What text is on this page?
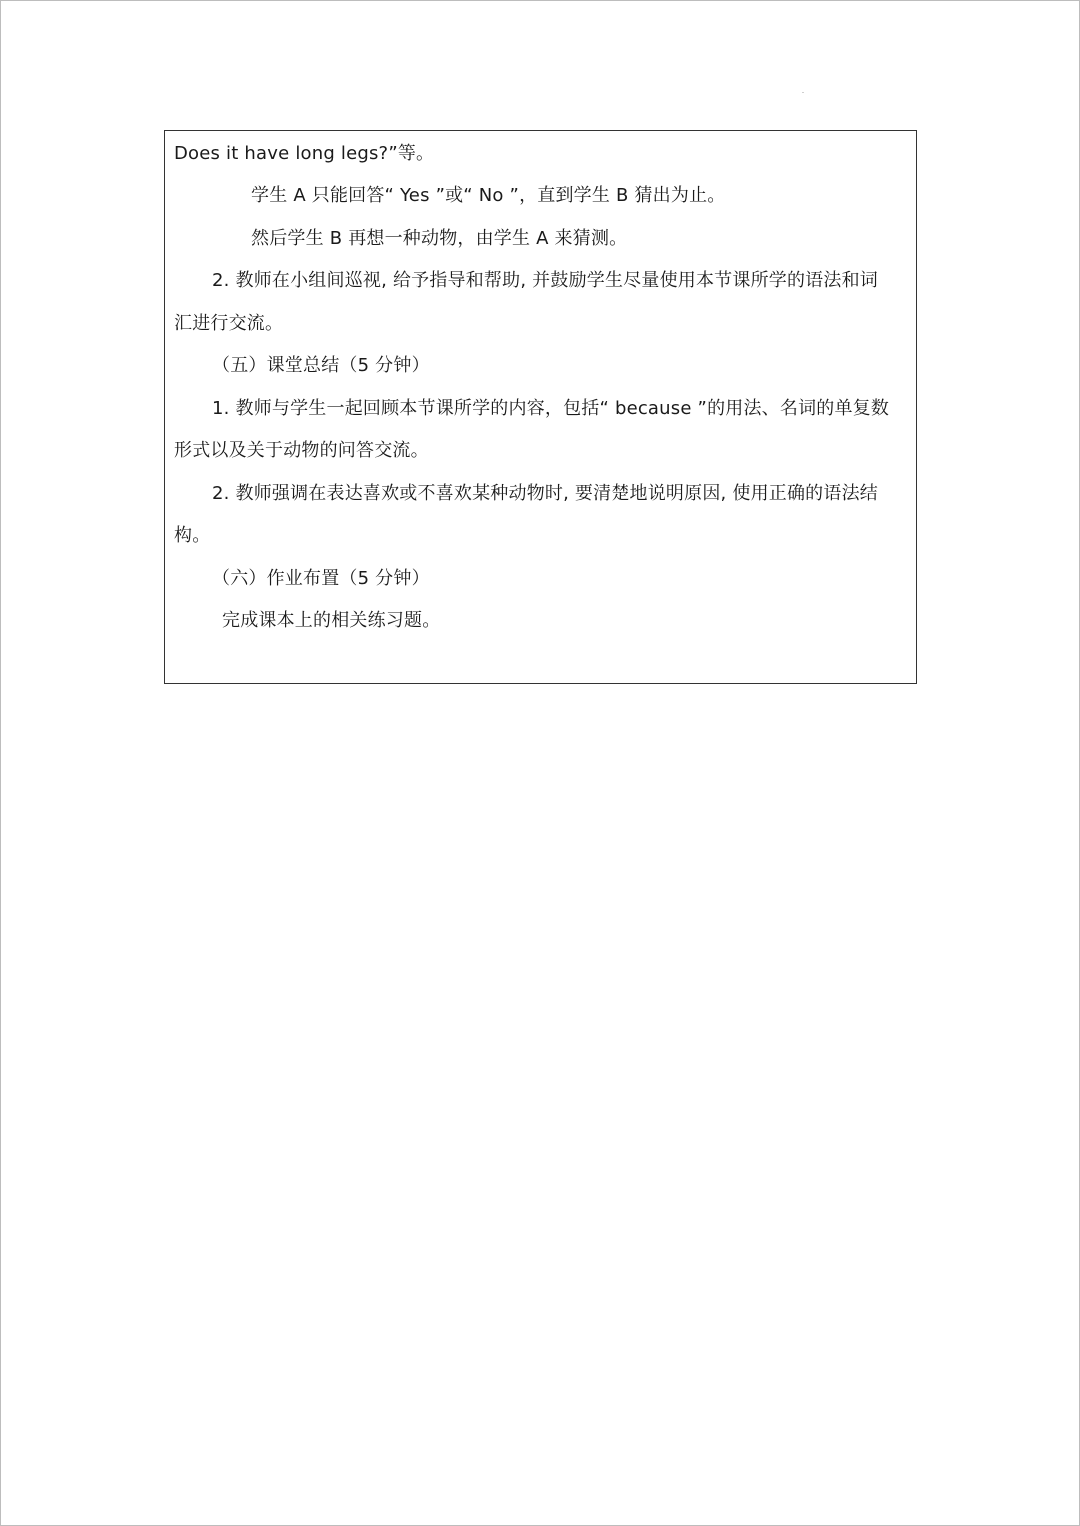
Does it have long legs?”等。
学生 A 只能回答“ Yes ”或“ No ”，直到学生 B 猜出为止。
然后学生 B 再想一种动物，由学生 A 来猜测。
2. 教师在小组间巡视, 给予指导和帮助, 并鼓励学生尽量使用本节课所学的语法和词
汇进行交流。
（五）课堂总结（5 分钟）
1. 教师与学生一起回顾本节课所学的内容，包括“ because ”的用法、名词的单复数
形式以及关于动物的问答交流。
2. 教师强调在表达喜欢或不喜欢某种动物时, 要清楚地说明原因, 使用正确的语法结
构。
（六）作业布置（5 分钟）
完成课本上的相关练习题。
